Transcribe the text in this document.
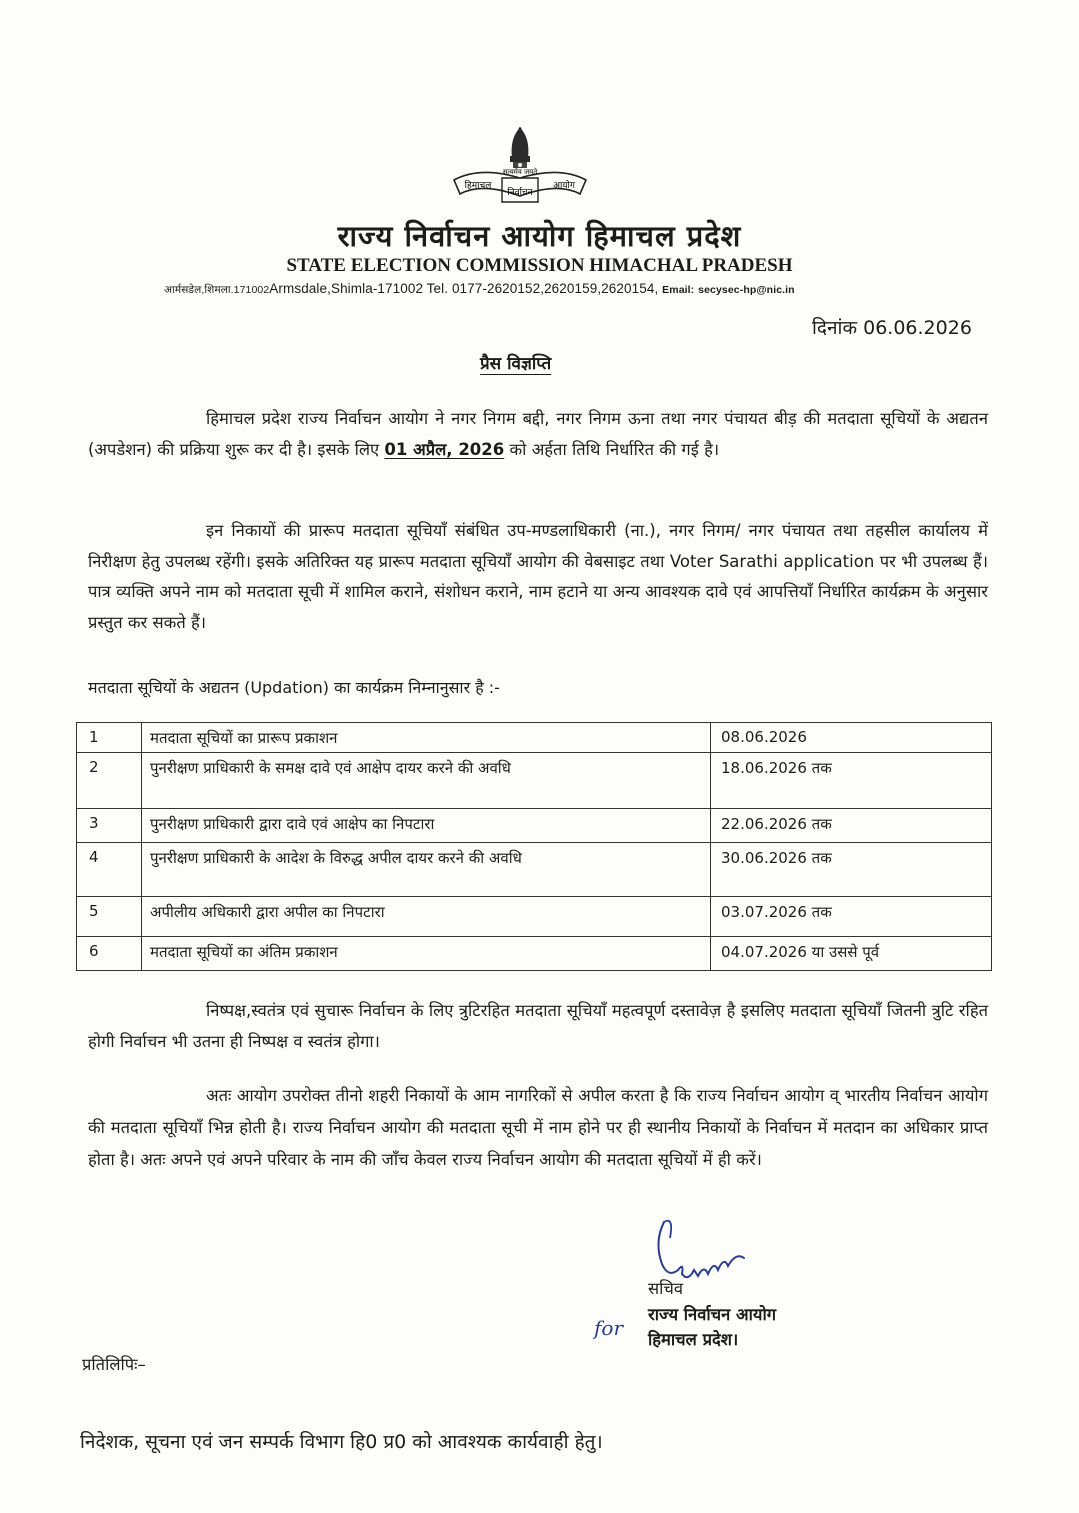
सत्यमेव जयते
हिमाचल
निर्वाचन
आयोग
राज्य निर्वाचन आयोग हिमाचल प्रदेश
STATE ELECTION COMMISSION HIMACHAL PRADESH
आर्मसडेल,शिमला.171002Armsdale,Shimla-171002 Tel. 0177-2620152,2620159,2620154, Email: secysec-hp@nic.in
दिनांक 06.06.2026
प्रैस विज्ञप्ति

हिमाचल प्रदेश राज्य निर्वाचन आयोग ने नगर निगम बद्दी, नगर निगम ऊना तथा नगर पंचायत बीड़ की मतदाता सूचियों के अद्यतन (अपडेशन) की प्रक्रिया शुरू कर दी है। इसके लिए 01 अप्रैल, 2026 को अर्हता तिथि निर्धारित की गई है।

इन निकायों की प्रारूप मतदाता सूचियाँ संबंधित उप-मण्डलाधिकारी (ना.), नगर निगम/ नगर पंचायत तथा तहसील कार्यालय में निरीक्षण हेतु उपलब्ध रहेंगी। इसके अतिरिक्त यह प्रारूप मतदाता सूचियाँ आयोग की वेबसाइट तथा Voter Sarathi application पर भी उपलब्ध हैं। पात्र व्यक्ति अपने नाम को मतदाता सूची में शामिल कराने, संशोधन कराने, नाम हटाने या अन्य आवश्यक दावे एवं आपत्तियाँ निर्धारित कार्यक्रम के अनुसार प्रस्तुत कर सकते हैं।

मतदाता सूचियों के अद्यतन (Updation) का कार्यक्रम निम्नानुसार है :-
1	मतदाता सूचियों का प्रारूप प्रकाशन	08.06.2026
2	पुनरीक्षण प्राधिकारी के समक्ष दावे एवं आक्षेप दायर करने की अवधि	18.06.2026 तक
3	पुनरीक्षण प्राधिकारी द्वारा दावे एवं आक्षेप का निपटारा	22.06.2026 तक
4	पुनरीक्षण प्राधिकारी के आदेश के विरुद्ध अपील दायर करने की अवधि	30.06.2026 तक
5	अपीलीय अधिकारी द्वारा अपील का निपटारा	03.07.2026 तक
6	मतदाता सूचियों का अंतिम प्रकाशन	04.07.2026 या उससे पूर्व

निष्पक्ष,स्वतंत्र एवं सुचारू निर्वाचन के लिए त्रुटिरहित मतदाता सूचियाँ महत्वपूर्ण दस्तावेज़ है इसलिए मतदाता सूचियाँ जितनी त्रुटि रहित होगी निर्वाचन भी उतना ही निष्पक्ष व स्वतंत्र होगा।

अतः आयोग उपरोक्त तीनो शहरी निकायों के आम नागरिकों से अपील करता है कि राज्य निर्वाचन आयोग व् भारतीय निर्वाचन आयोग की मतदाता सूचियाँ भिन्न होती है। राज्य निर्वाचन आयोग की मतदाता सूची में नाम होने पर ही स्थानीय निकायों के निर्वाचन में मतदान का अधिकार प्राप्त होता है। अतः अपने एवं अपने परिवार के नाम की जाँच केवल राज्य निर्वाचन आयोग की मतदाता सूचियों में ही करें।

for
सचिव
राज्य निर्वाचन आयोग
हिमाचल प्रदेश।
प्रतिलिपिः–
निदेशक, सूचना एवं जन सम्पर्क विभाग हि0 प्र0 को आवश्यक कार्यवाही हेतु।
